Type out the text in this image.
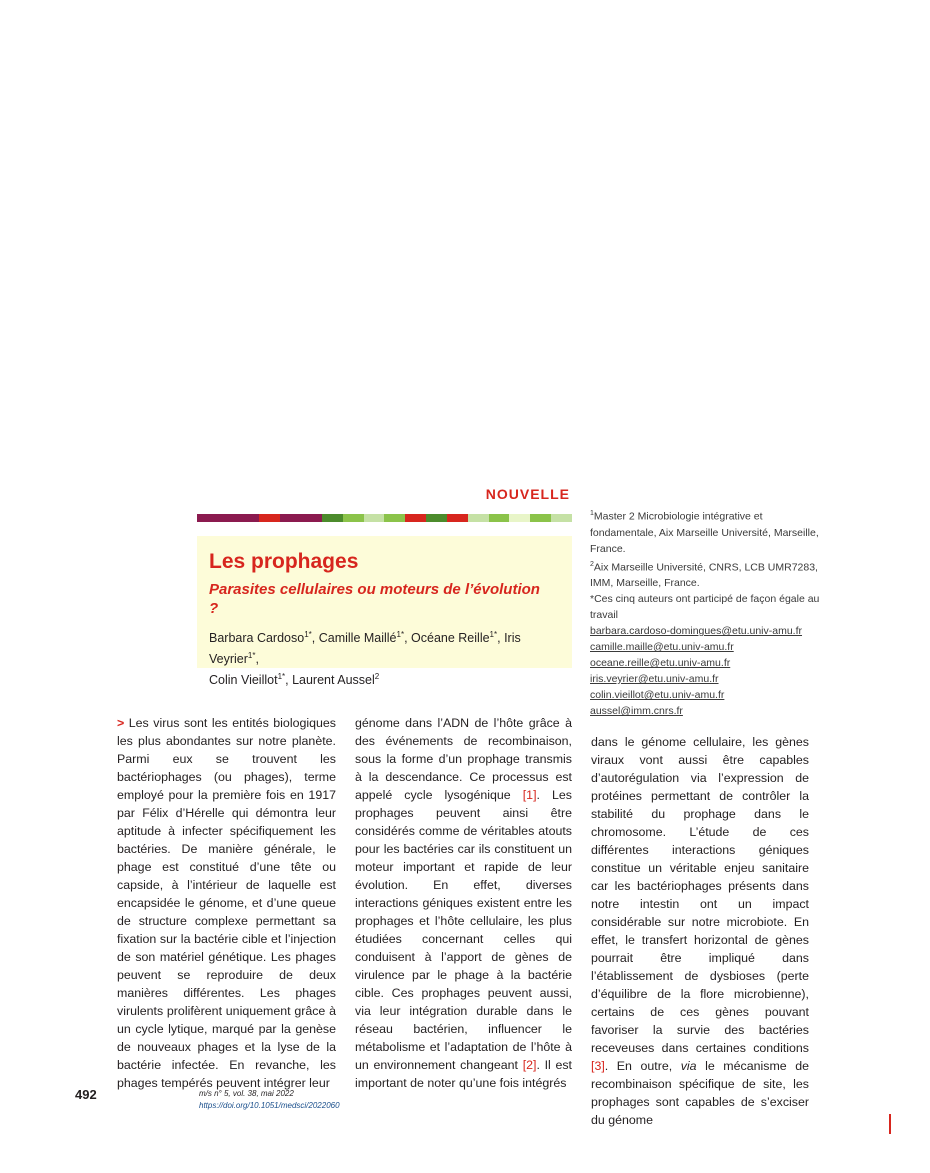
NOUVELLE
Les prophages
Parasites cellulaires ou moteurs de l’évolution ?
Barbara Cardoso$^{1*}$, Camille Maillé$^{1*}$, Océane Reille$^{1*}$, Iris Veyrier$^{1*}$,
Colin Vieillot$^{1*}$, Laurent Aussel$^2$
$^1$Master 2 Microbiologie intégrative et fondamentale, Aix Marseille Université, Marseille, France.
$^2$Aix Marseille Université, CNRS, LCB UMR7283, IMM, Marseille, France.
*Ces cinq auteurs ont participé de façon égale au travail
barbara.cardoso-domingues@etu.univ-amu.fr
camille.maille@etu.univ-amu.fr
oceane.reille@etu.univ-amu.fr
iris.veyrier@etu.univ-amu.fr
colin.vieillot@etu.univ-amu.fr
aussel@imm.cnrs.fr
> Les virus sont les entités biologiques les plus abondantes sur notre planète. Parmi eux se trouvent les bactériophages (ou phages), terme employé pour la première fois en 1917 par Félix d’Hérelle qui démontra leur aptitude à infecter spécifiquement les bactéries. De manière générale, le phage est constitué d’une tête ou capside, à l’intérieur de laquelle est encapsidée le génome, et d’une queue de structure complexe permettant sa fixation sur la bactérie cible et l’injection de son matériel génétique. Les phages peuvent se reproduire de deux manières différentes. Les phages virulents prolifèrent uniquement grâce à un cycle lytique, marqué par la genèse de nouveaux phages et la lyse de la bactérie infectée. En revanche, les phages tempérés peuvent intégrer leur
génome dans l’ADN de l’hôte grâce à des événements de recombinaison, sous la forme d’un prophage transmis à la descendance. Ce processus est appelé cycle lysogénique [1]. Les prophages peuvent ainsi être considérés comme de véritables atouts pour les bactéries car ils constituent un moteur important et rapide de leur évolution. En effet, diverses interactions géniques existent entre les prophages et l’hôte cellulaire, les plus étudiées concernant celles qui conduisent à l’apport de gènes de virulence par le phage à la bactérie cible. Ces prophages peuvent aussi, via leur intégration durable dans le réseau bactérien, influencer le métabolisme et l’adaptation de l’hôte à un environnement changeant [2]. Il est important de noter qu’une fois intégrés
dans le génome cellulaire, les gènes viraux vont aussi être capables d’autorégulation via l’expression de protéines permettant de contrôler la stabilité du prophage dans le chromosome. L’étude de ces différentes interactions géniques constitue un véritable enjeu sanitaire car les bactériophages présents dans notre intestin ont un impact considérable sur notre microbiote. En effet, le transfert horizontal de gènes pourrait être impliqué dans l’établissement de dysbioses (perte d’équilibre de la flore microbienne), certains de ces gènes pouvant favoriser la survie des bactéries receveuses dans certaines conditions [3]. En outre, via le mécanisme de recombinaison spécifique de site, les prophages sont capables de s’exciser du génome
492	m/s n° 5, vol. 38, mai 2022
https://doi.org/10.1051/medsci/2022060
